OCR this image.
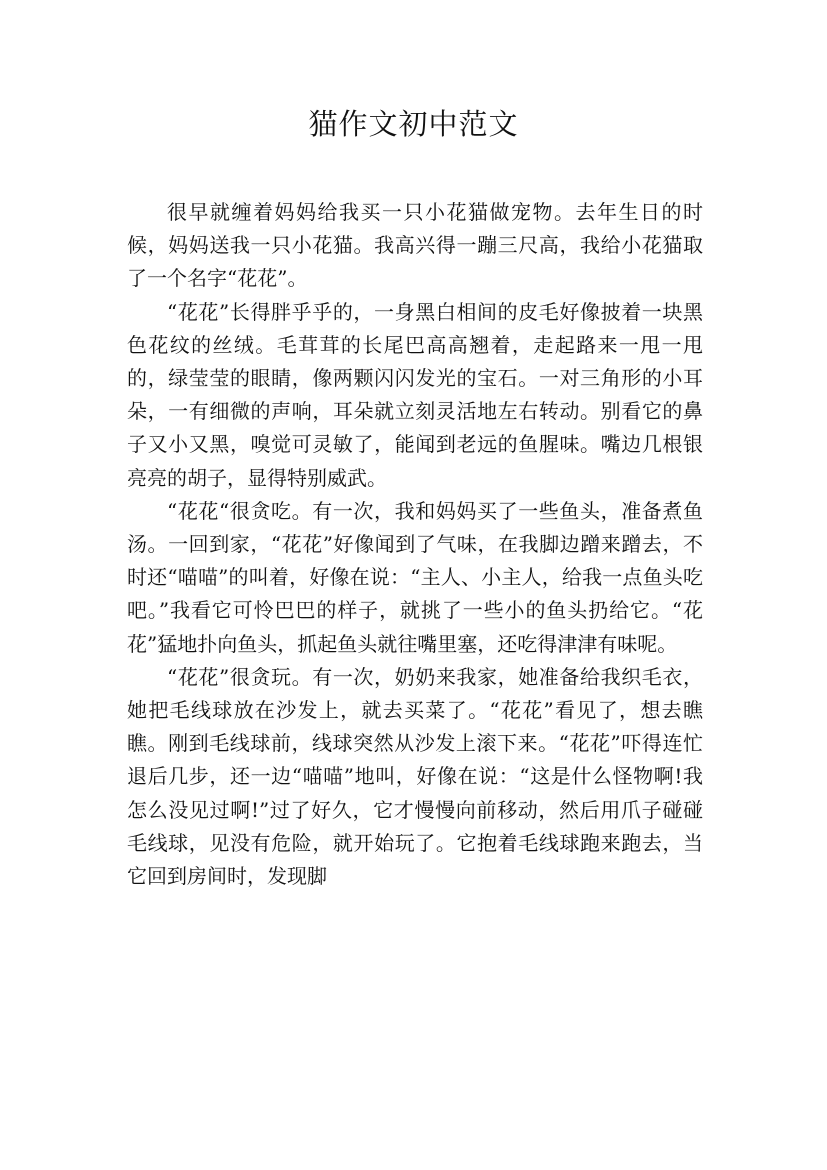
猫作文初中范文

很早就缠着妈妈给我买一只小花猫做宠物。去年生日的时候，妈妈送我一只小花猫。我高兴得一蹦三尺高，我给小花猫取了一个名字“花花”。

“花花”长得胖乎乎的，一身黑白相间的皮毛好像披着一块黑色花纹的丝绒。毛茸茸的长尾巴高高翘着，走起路来一甩一甩的，绿莹莹的眼睛，像两颗闪闪发光的宝石。一对三角形的小耳朵，一有细微的声响，耳朵就立刻灵活地左右转动。别看它的鼻子又小又黑，嗅觉可灵敏了，能闻到老远的鱼腥味。嘴边几根银亮亮的胡子，显得特别威武。

“花花“很贪吃。有一次，我和妈妈买了一些鱼头，准备煮鱼汤。一回到家，“花花”好像闻到了气味，在我脚边蹭来蹭去，不时还“喵喵”的叫着，好像在说：“主人、小主人，给我一点鱼头吃吧。”我看它可怜巴巴的样子，就挑了一些小的鱼头扔给它。“花花”猛地扑向鱼头，抓起鱼头就往嘴里塞，还吃得津津有味呢。

“花花”很贪玩。有一次，奶奶来我家，她准备给我织毛衣，她把毛线球放在沙发上，就去买菜了。“花花”看见了，想去瞧瞧。刚到毛线球前，线球突然从沙发上滚下来。“花花”吓得连忙退后几步，还一边“喵喵”地叫，好像在说：“这是什么怪物啊!我怎么没见过啊!”过了好久，它才慢慢向前移动，然后用爪子碰碰毛线球，见没有危险，就开始玩了。它抱着毛线球跑来跑去，当它回到房间时，发现脚
